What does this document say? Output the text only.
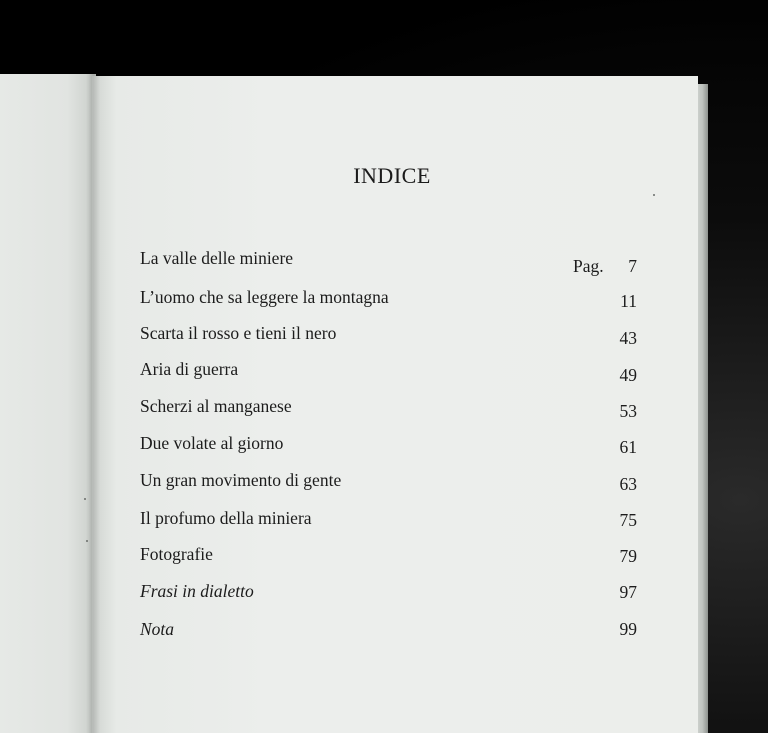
INDICE
Pag.
La valle delle miniere	7
L’uomo che sa leggere la montagna	11
Scarta il rosso e tieni il nero	43
Aria di guerra	49
Scherzi al manganese	53
Due volate al giorno	61
Un gran movimento di gente	63
Il profumo della miniera	75
Fotografie	79
Frasi in dialetto	97
Nota	99
